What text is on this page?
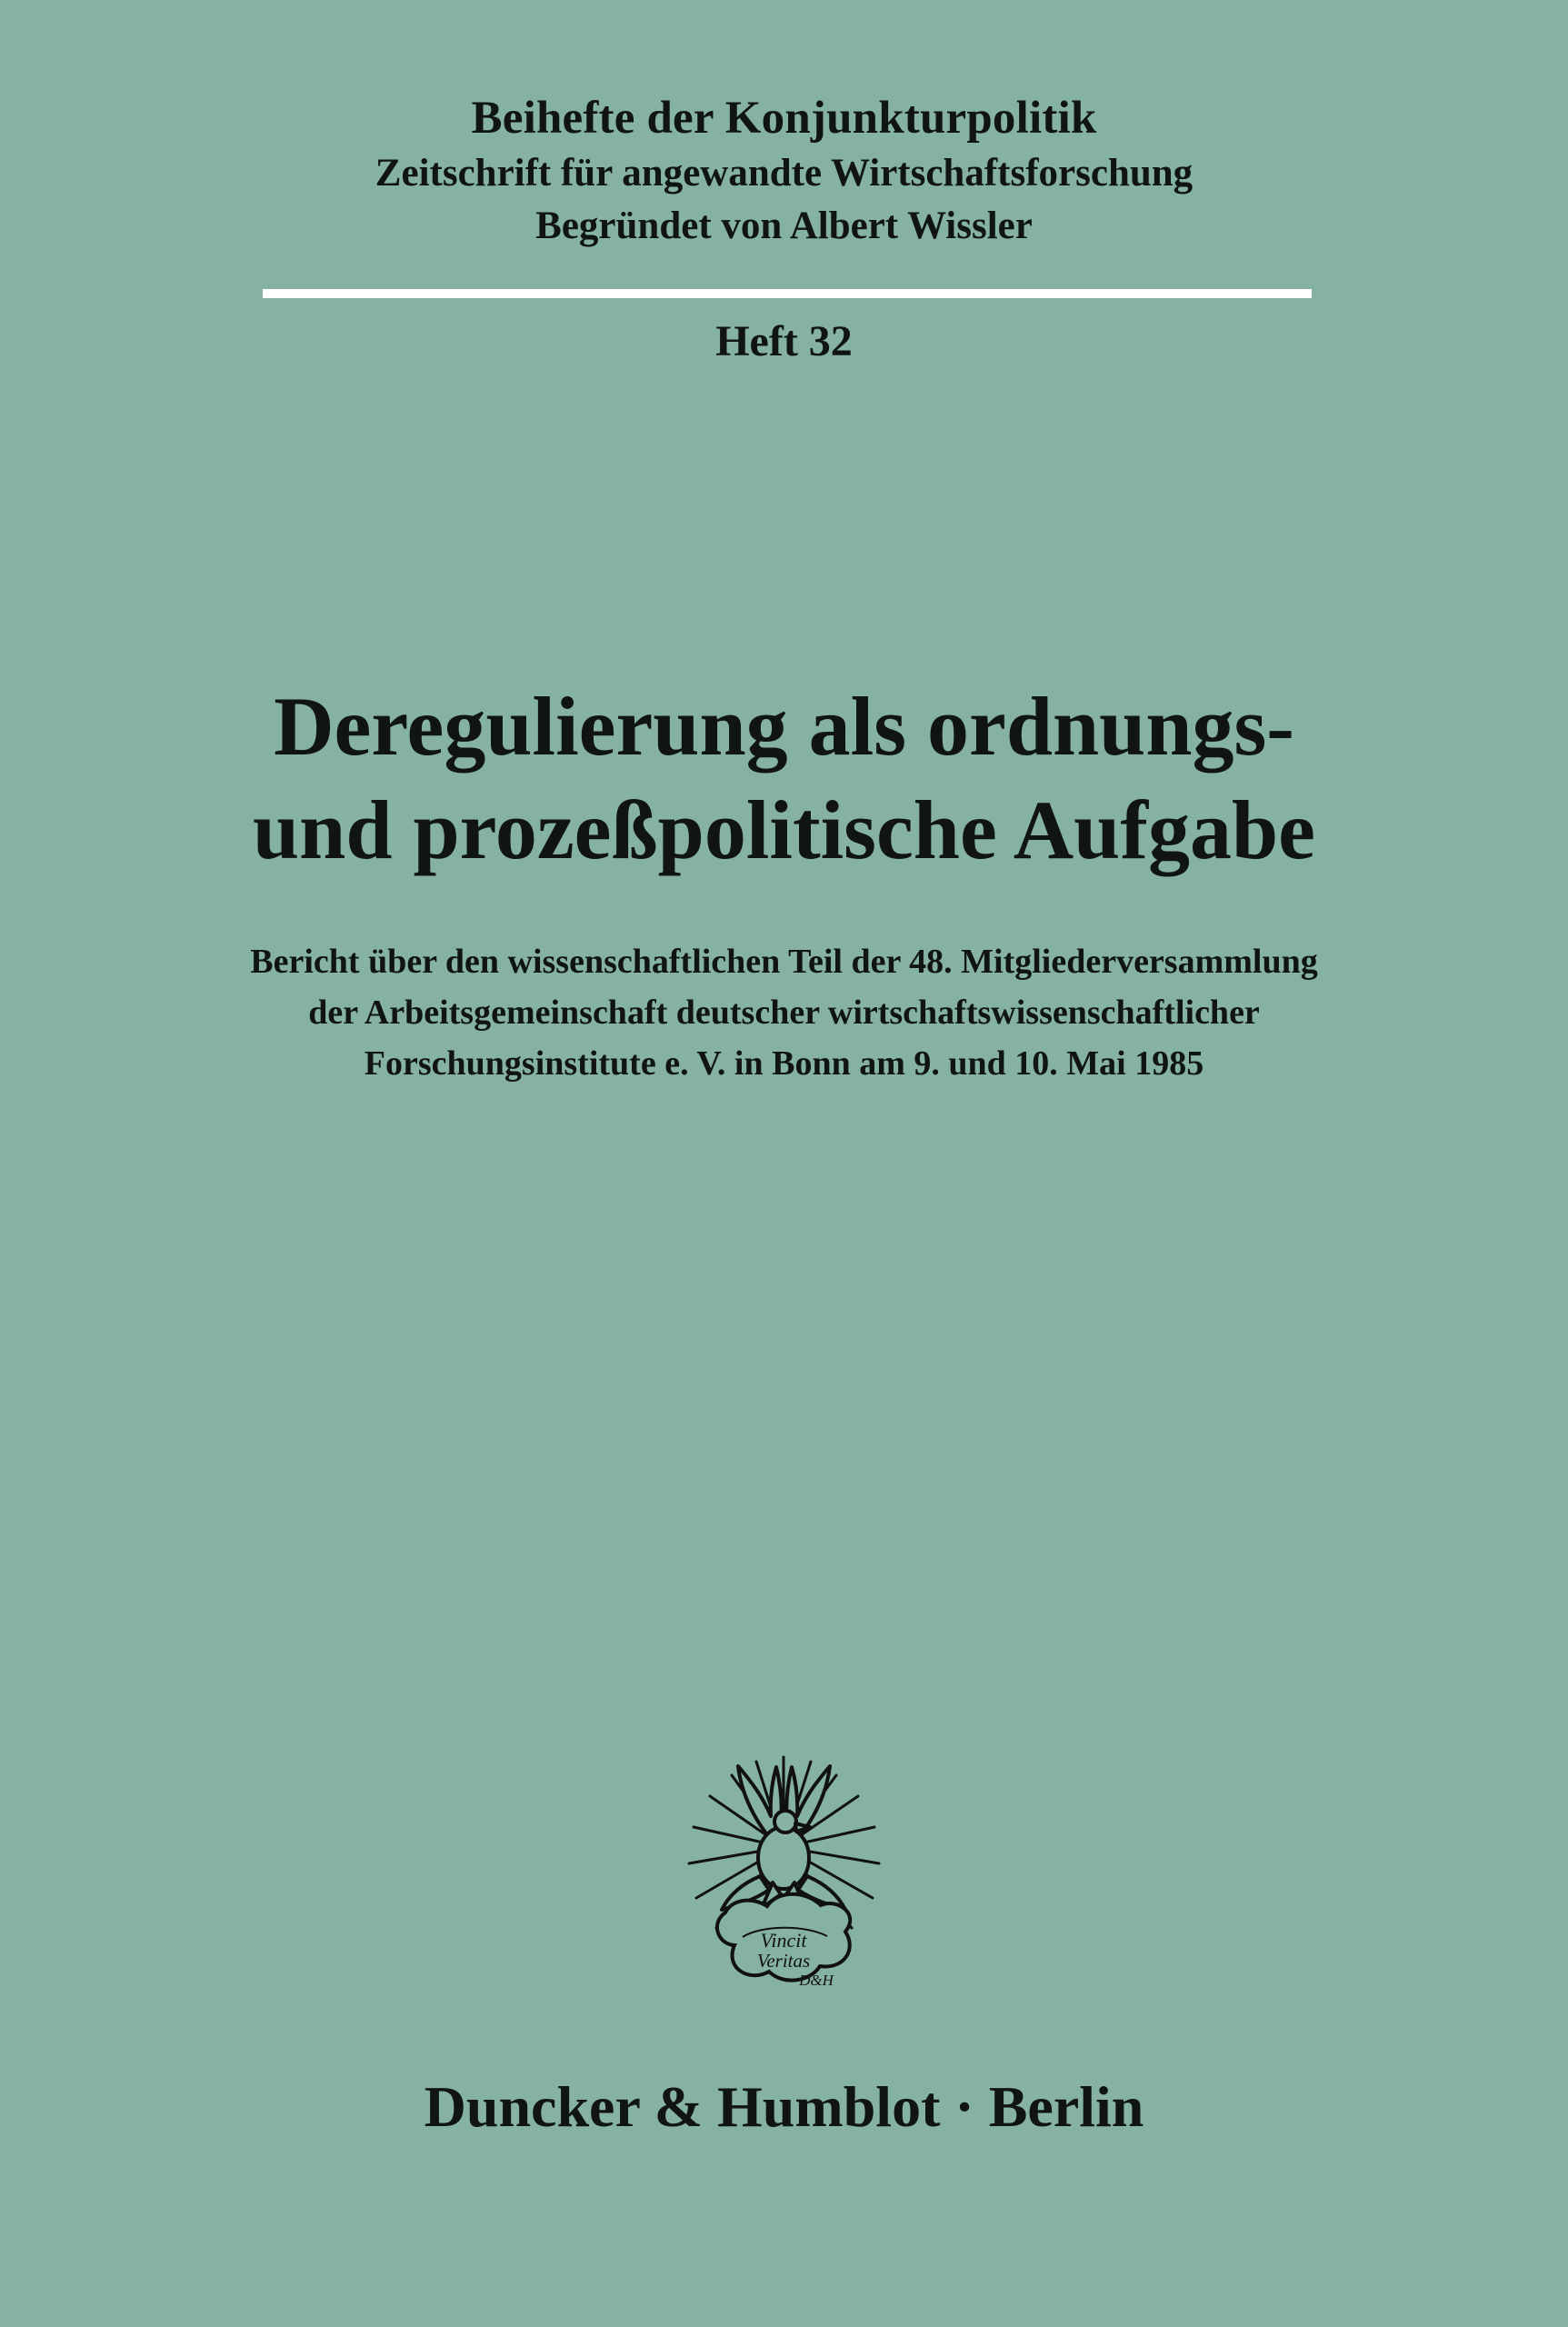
Beihefte der Konjunkturpolitik
Zeitschrift für angewandte Wirtschaftsforschung
Begründet von Albert Wissler
Heft 32
Deregulierung als ordnungs-
und prozeßpolitische Aufgabe
Bericht über den wissenschaftlichen Teil der 48. Mitgliederversammlung
der Arbeitsgemeinschaft deutscher wirtschaftswissenschaftlicher
Forschungsinstitute e. V. in Bonn am 9. und 10. Mai 1985
Vincit
Veritas
D&H
Duncker & Humblot · Berlin
